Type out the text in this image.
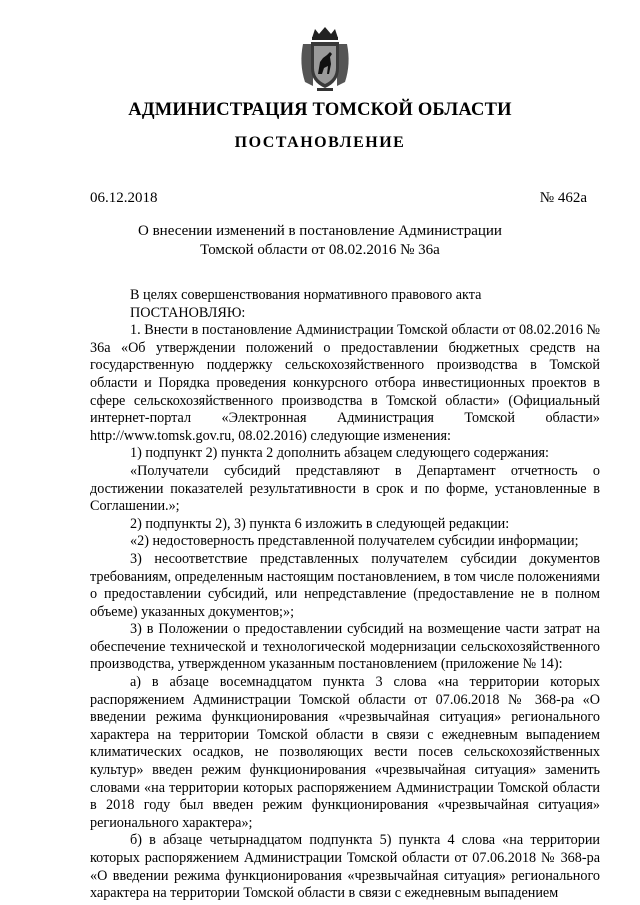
АДМИНИСТРАЦИЯ ТОМСКОЙ ОБЛАСТИ
ПОСТАНОВЛЕНИЕ
06.12.2018	№ 462а
О внесении изменений в постановление Администрации
Томской области от 08.02.2016 № 36а

В целях совершенствования нормативного правового акта

ПОСТАНОВЛЯЮ:

1. Внести в постановление Администрации Томской области от 08.02.2016 № 36а «Об утверждении положений о предоставлении бюджетных средств на государственную поддержку сельскохозяйственного производства в Томской области и Порядка проведения конкурсного отбора инвестиционных проектов в сфере сельскохозяйственного производства в Томской области» (Официальный интернет-портал «Электронная Администрация Томской области» http://www.tomsk.gov.ru, 08.02.2016) следующие изменения:

1) подпункт 2) пункта 2 дополнить абзацем следующего содержания:

«Получатели субсидий представляют в Департамент отчетность о достижении показателей результативности в срок и по форме, установленные в Соглашении.»;

2) подпункты 2), 3) пункта 6 изложить в следующей редакции:

«2) недостоверность представленной получателем субсидии информации;

3) несоответствие представленных получателем субсидии документов требованиям, определенным настоящим постановлением, в том числе положениями о предоставлении субсидий, или непредставление (предоставление не в полном объеме) указанных документов;»;

3) в Положении о предоставлении субсидий на возмещение части затрат на обеспечение технической и технологической модернизации сельскохозяйственного производства, утвержденном указанным постановлением (приложение № 14):

а) в абзаце восемнадцатом пункта 3 слова «на территории которых распоряжением Администрации Томской области от 07.06.2018 № 368-ра «О введении режима функционирования «чрезвычайная ситуация» регионального характера на территории Томской области в связи с ежедневным выпадением климатических осадков, не позволяющих вести посев сельскохозяйственных культур» введен режим функционирования «чрезвычайная ситуация» заменить словами «на территории которых распоряжением Администрации Томской области в 2018 году был введен режим функционирования «чрезвычайная ситуация» регионального характера»;

б) в абзаце четырнадцатом подпункта 5) пункта 4 слова «на территории которых распоряжением Администрации Томской области от 07.06.2018 № 368-ра «О введении режима функционирования «чрезвычайная ситуация» регионального характера на территории Томской области в связи с ежедневным выпадением
